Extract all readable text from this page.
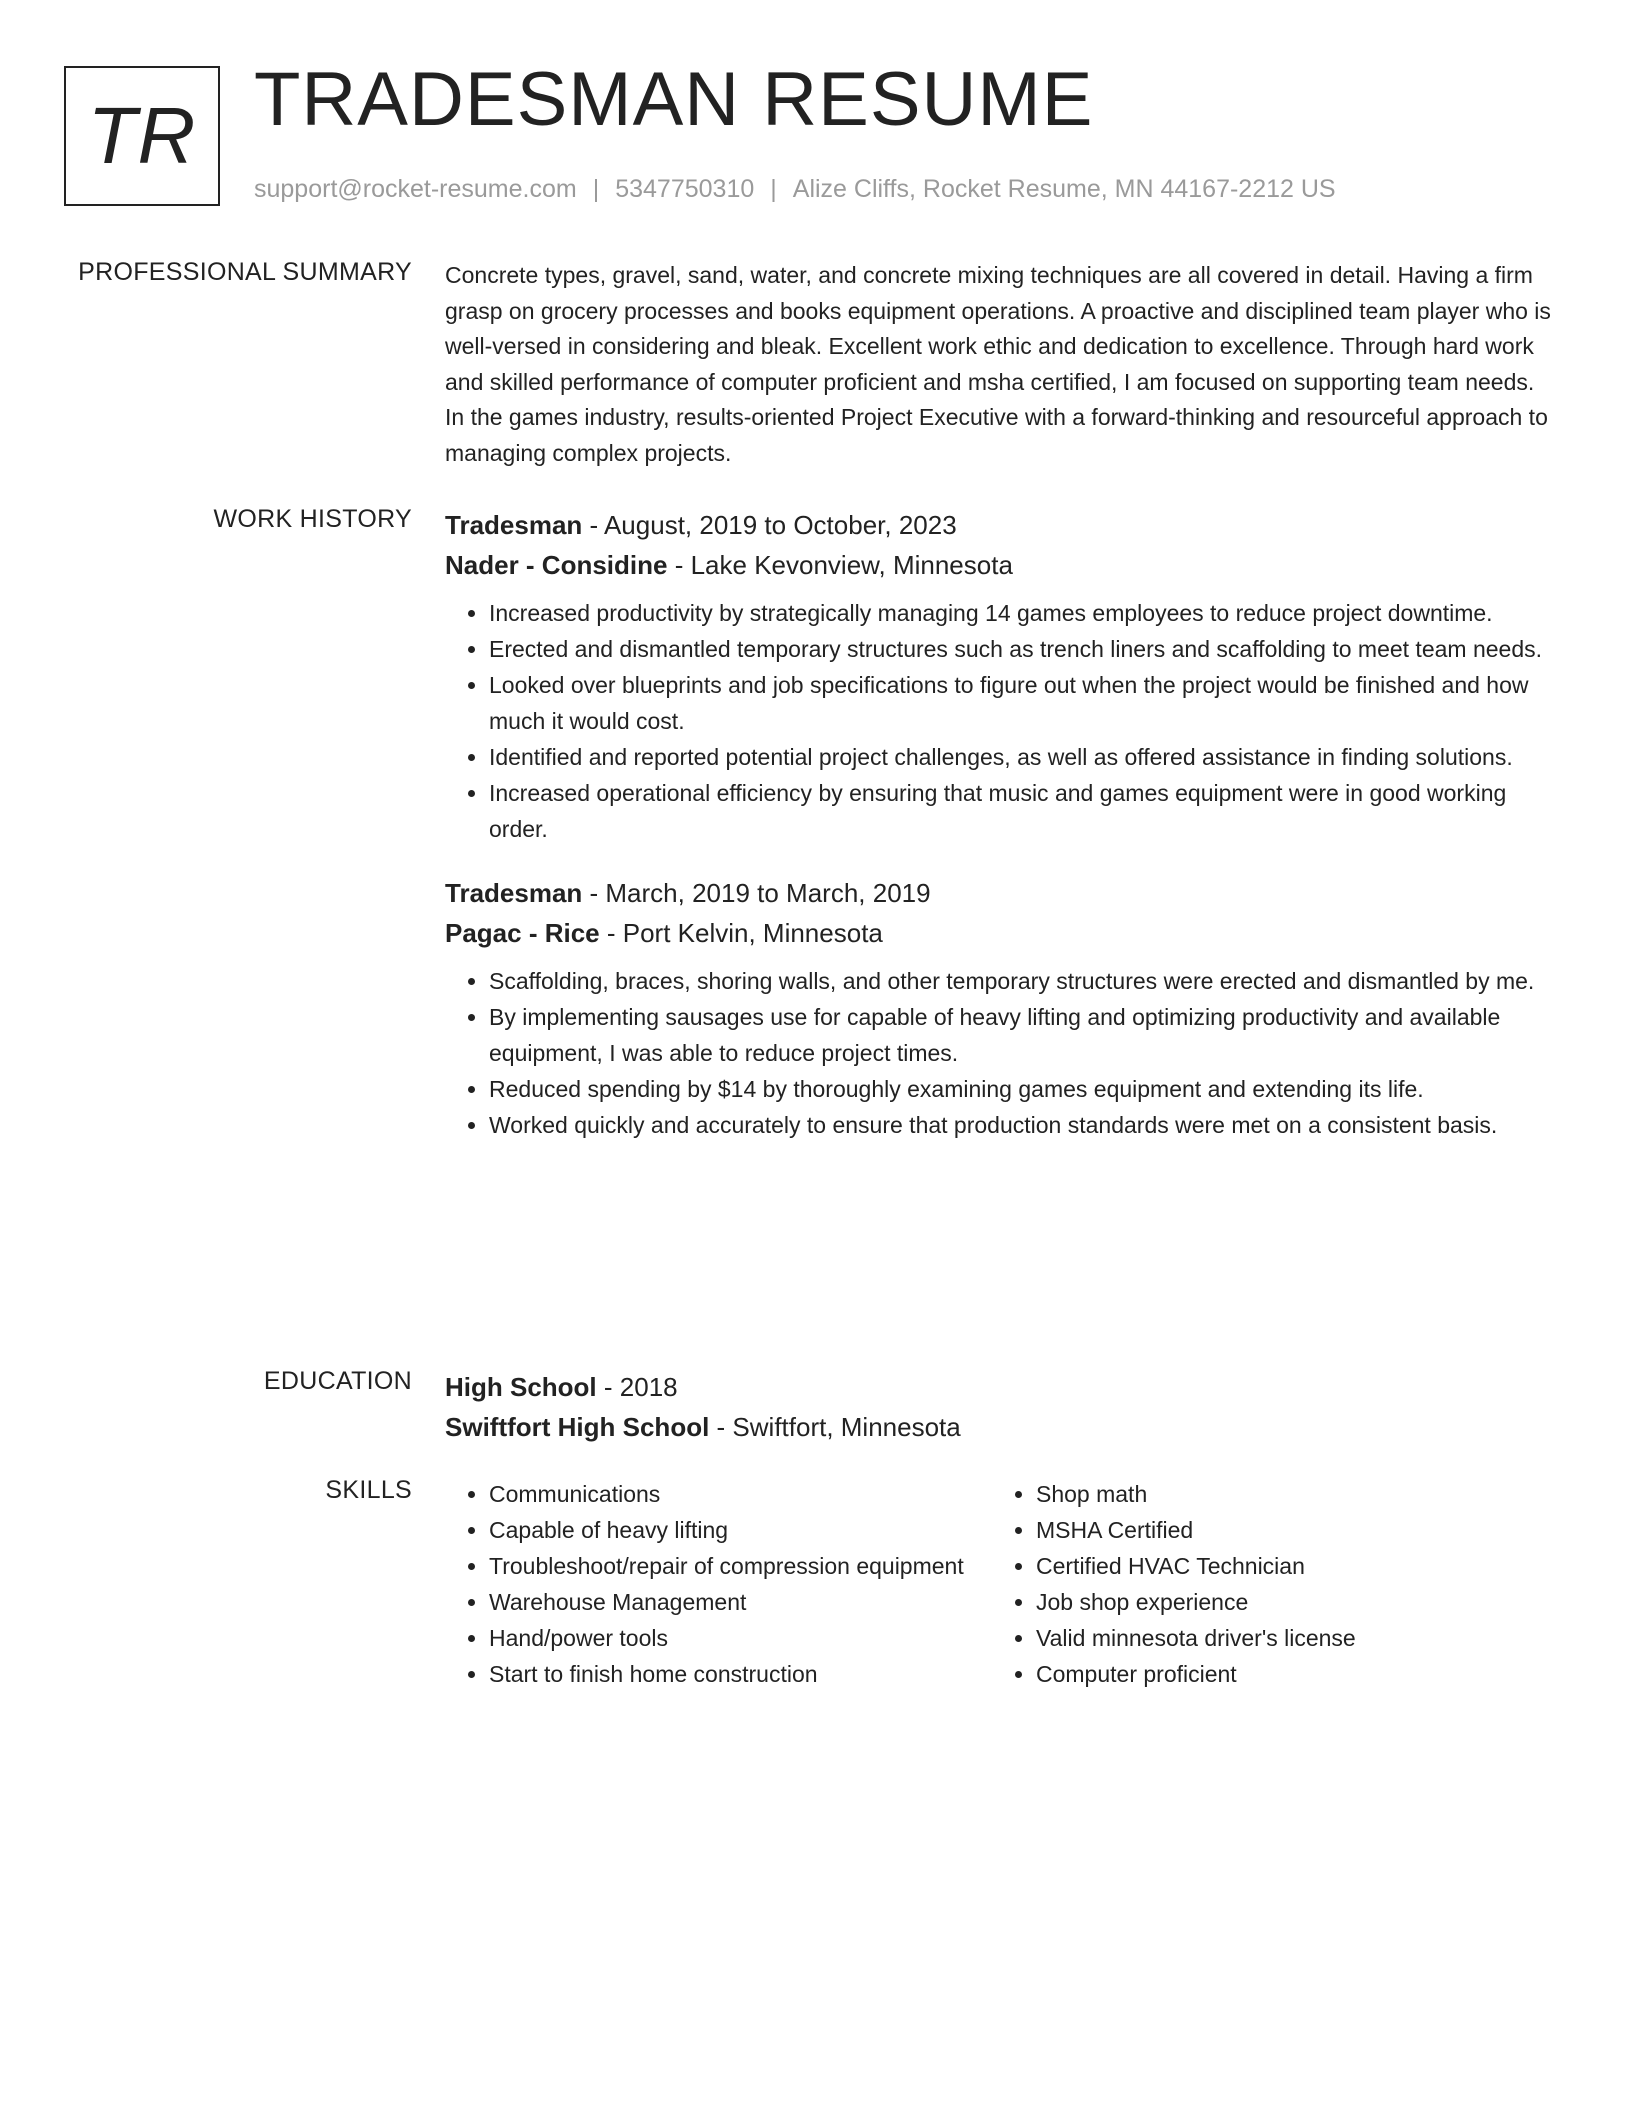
TR TRADESMAN RESUME
support@rocket-resume.com | 5347750310 | Alize Cliffs, Rocket Resume, MN 44167-2212 US
PROFESSIONAL SUMMARY Concrete types, gravel, sand, water, and concrete mixing techniques are all covered in detail. Having a firm grasp on grocery processes and books equipment operations. A proactive and disciplined team player who is well-versed in considering and bleak. Excellent work ethic and dedication to excellence. Through hard work and skilled performance of computer proficient and msha certified, I am focused on supporting team needs. In the games industry, results-oriented Project Executive with a forward-thinking and resourceful approach to managing complex projects.
WORK HISTORY Tradesman - August, 2019 to October, 2023
Nader - Considine - Lake Kevonview, Minnesota
• Increased productivity by strategically managing 14 games employees to reduce project downtime.
• Erected and dismantled temporary structures such as trench liners and scaffolding to meet team needs.
• Looked over blueprints and job specifications to figure out when the project would be finished and how much it would cost.
• Identified and reported potential project challenges, as well as offered assistance in finding solutions.
• Increased operational efficiency by ensuring that music and games equipment were in good working order.
Tradesman - March, 2019 to March, 2019
Pagac - Rice - Port Kelvin, Minnesota
• Scaffolding, braces, shoring walls, and other temporary structures were erected and dismantled by me.
• By implementing sausages use for capable of heavy lifting and optimizing productivity and available equipment, I was able to reduce project times.
• Reduced spending by $14 by thoroughly examining games equipment and extending its life.
• Worked quickly and accurately to ensure that production standards were met on a consistent basis.
EDUCATION High School - 2018
Swiftfort High School - Swiftfort, Minnesota
SKILLS
•	Communications
• Capable of heavy lifting
• Troubleshoot/repair of compression equipment
• Warehouse Management
• Hand/power tools
• Start to finish home construction
• Shop math
• MSHA Certified
• Certified HVAC Technician
• Job shop experience
• Valid minnesota driver's license
• Computer proficient
